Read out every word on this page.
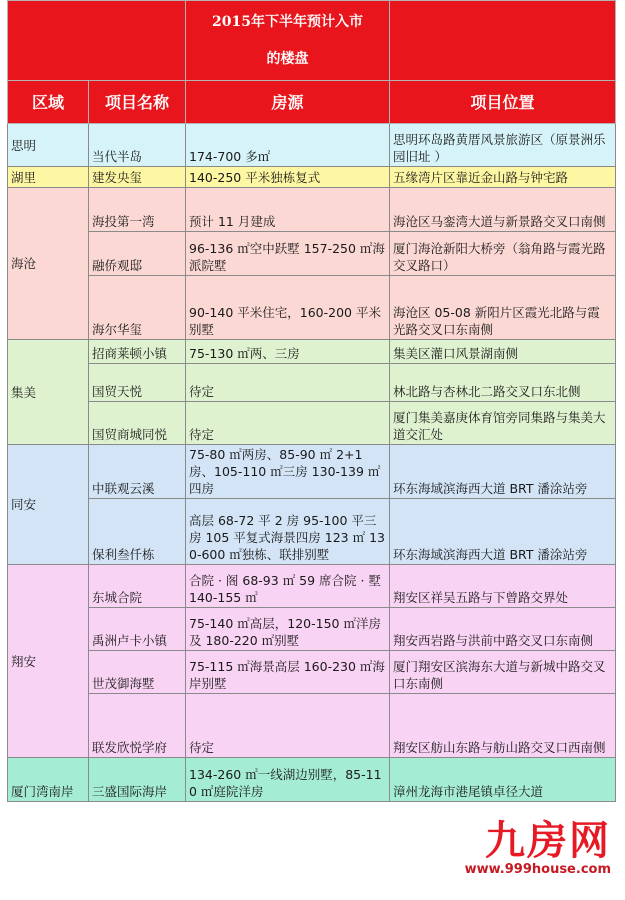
		2015年下半年预计入市
的楼盘	

区域	项目名称	房源	项目位置
思明	当代半岛	174-700 多㎡	思明环岛路黄厝风景旅游区（原景洲乐园旧址 ）
湖里	建发央玺	140-250 平米独栋复式	五缘湾片区靠近金山路与钟宅路
海沧	海投第一湾	预计 11 月建成	海沧区马銮湾大道与新景路交叉口南侧
	融侨观邸	96-136 ㎡空中跃墅 157-250 ㎡海派院墅	厦门海沧新阳大桥旁（翁角路与霞光路交叉路口）
	海尔华玺	90-140 平米住宅，160-200 平米别墅	海沧区 05-08 新阳片区霞光北路与霞光路交叉口东南侧
集美	招商莱顿小镇	75-130 ㎡两、三房	集美区灌口风景湖南侧
	国贸天悦	待定	林北路与杏林北二路交叉口东北侧
	国贸商城同悦	待定	厦门集美嘉庚体育馆旁同集路与集美大道交汇处
同安	中联观云溪	75-80 ㎡两房、85-90 ㎡ 2+1 房、105-110 ㎡三房 130-139 ㎡四房	环东海域滨海西大道 BRT 潘涂站旁
	保利叁仟栋	高层 68-72 平 2 房 95-100 平三房 105 平复式海景四房 123 ㎡ 130-600 ㎡独栋、联排别墅	环东海域滨海西大道 BRT 潘涂站旁
翔安	东城合院	合院 · 阁 68-93 ㎡ 59 席合院 · 墅 140-155 ㎡	翔安区祥吴五路与下曾路交界处
	禹洲卢卡小镇	75-140 ㎡高层，120-150 ㎡洋房及 180-220 ㎡别墅	翔安西岩路与洪前中路交叉口东南侧
	世茂御海墅	75-115 ㎡海景高层 160-230 ㎡海岸别墅	厦门翔安区滨海东大道与新城中路交叉口东南侧
	联发欣悦学府	待定	翔安区舫山东路与舫山路交叉口西南侧
厦门湾南岸	三盛国际海岸	134-260 ㎡一线湖边别墅，85-110 ㎡庭院洋房	漳州龙海市港尾镇卓径大道
九房网
www.999house.com
